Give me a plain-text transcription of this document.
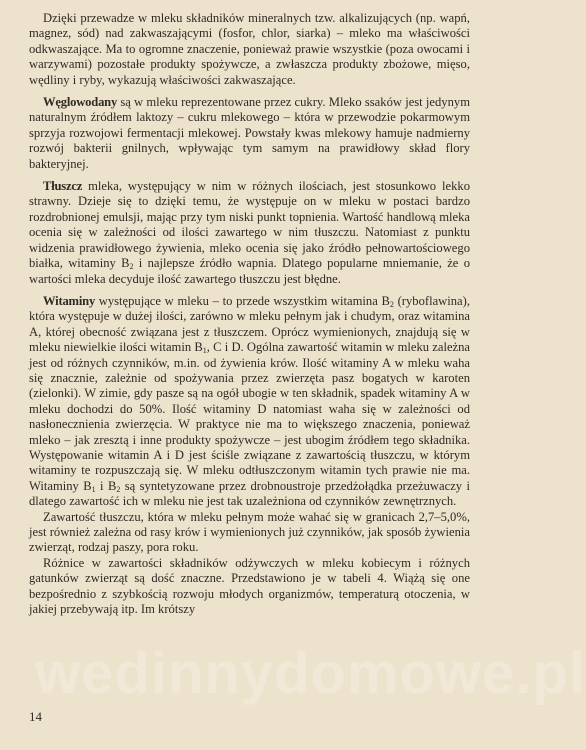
Dzięki przewadze w mleku składników mineralnych tzw. alkalizujących (np. wapń, magnez, sód) nad zakwaszającymi (fosfor, chlor, siarka) – mleko ma właściwości odkwaszające. Ma to ogromne znaczenie, ponieważ prawie wszystkie (poza owocami i warzywami) pozostałe produkty spożywcze, a zwłaszcza produkty zbożowe, mięso, wędliny i ryby, wykazują właściwości zakwaszające.

Węglowodany są w mleku reprezentowane przez cukry. Mleko ssaków jest jedynym naturalnym źródłem laktozy – cukru mlekowego – która w przewodzie pokarmowym sprzyja rozwojowi fermentacji mlekowej. Powstały kwas mlekowy hamuje nadmierny rozwój bakterii gnilnych, wpływając tym samym na prawidłowy skład flory bakteryjnej.

Tłuszcz mleka, występujący w nim w różnych ilościach, jest stosunkowo lekko strawny. Dzieje się to dzięki temu, że występuje on w mleku w postaci bardzo rozdrobnionej emulsji, mając przy tym niski punkt topnienia. Wartość handlową mleka ocenia się w zależności od ilości zawartego w nim tłuszczu. Natomiast z punktu widzenia prawidłowego żywienia, mleko ocenia się jako źródło pełnowartościowego białka, witaminy $B_2$ i najlepsze źródło wapnia. Dlatego popularne mniemanie, że o wartości mleka decyduje ilość zawartego tłuszczu jest błędne.

Witaminy występujące w mleku – to przede wszystkim witamina $B_2$ (ryboflawina), która występuje w dużej ilości, zarówno w mleku pełnym jak i chudym, oraz witamina A, której obecność związana jest z tłuszczem. Oprócz wymienionych, znajdują się w mleku niewielkie ilości witamin $B_1$, C i D. Ogólna zawartość witamin w mleku zależna jest od różnych czynników, m.in. od żywienia krów. Ilość witaminy A w mleku waha się znacznie, zależnie od spożywania przez zwierzęta pasz bogatych w karoten (zielonki). W zimie, gdy pasze są na ogół ubogie w ten składnik, spadek witaminy A w mleku dochodzi do 50%. Ilość witaminy D natomiast waha się w zależności od nasłonecznienia zwierzęcia. W praktyce nie ma to większego znaczenia, ponieważ mleko – jak zresztą i inne produkty spożywcze – jest ubogim źródłem tego składnika. Występowanie witamin A i D jest ściśle związane z zawartością tłuszczu, w którym witaminy te rozpuszczają się. W mleku odtłuszczonym witamin tych prawie nie ma. Witaminy $B_1$ i $B_2$ są syntetyzowane przez drobnoustroje przedżołądka przeżuwaczy i dlatego zawartość ich w mleku nie jest tak uzależniona od czynników zewnętrznych.

Zawartość tłuszczu, która w mleku pełnym może wahać się w granicach 2,7–5,0%, jest również zależna od rasy krów i wymienionych już czynników, jak sposób żywienia zwierząt, rodzaj paszy, pora roku.

Różnice w zawartości składników odżywczych w mleku kobiecym i różnych gatunków zwierząt są dość znaczne. Przedstawiono je w tabeli 4. Wiążą się one bezpośrednio z szybkością rozwoju młodych organizmów, temperaturą otoczenia, w jakiej przebywają itp. Im krótszy

wedinnydomowe.pl
14
